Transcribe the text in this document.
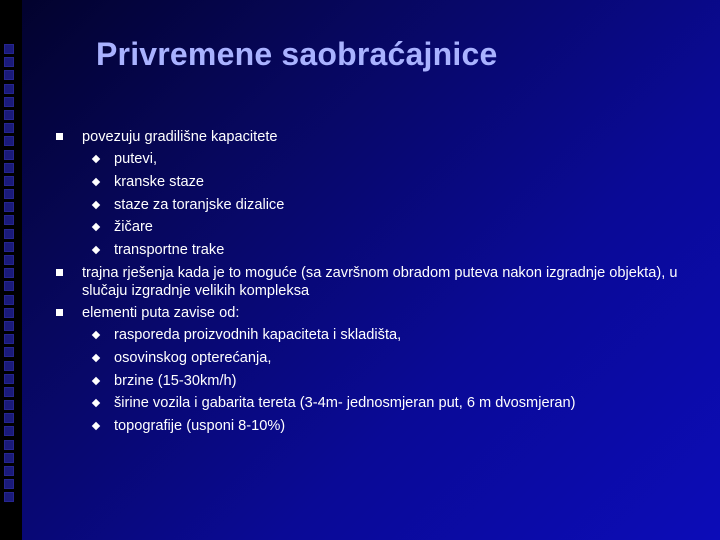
Privremene saobraćajnice
povezuju gradilišne kapacitete
putevi,
kranske staze
staze za toranjske dizalice
žičare
transportne trake
trajna rješenja kada je to moguće (sa završnom obradom puteva nakon izgradnje objekta), u slučaju izgradnje velikih kompleksa
elementi puta zavise od:
rasporeda proizvodnih kapaciteta i skladišta,
osovinskog opterećanja,
brzine (15-30km/h)
širine vozila i gabarita tereta (3-4m- jednosmjeran put, 6 m dvosmjeran)
topografije (usponi 8-10%)
